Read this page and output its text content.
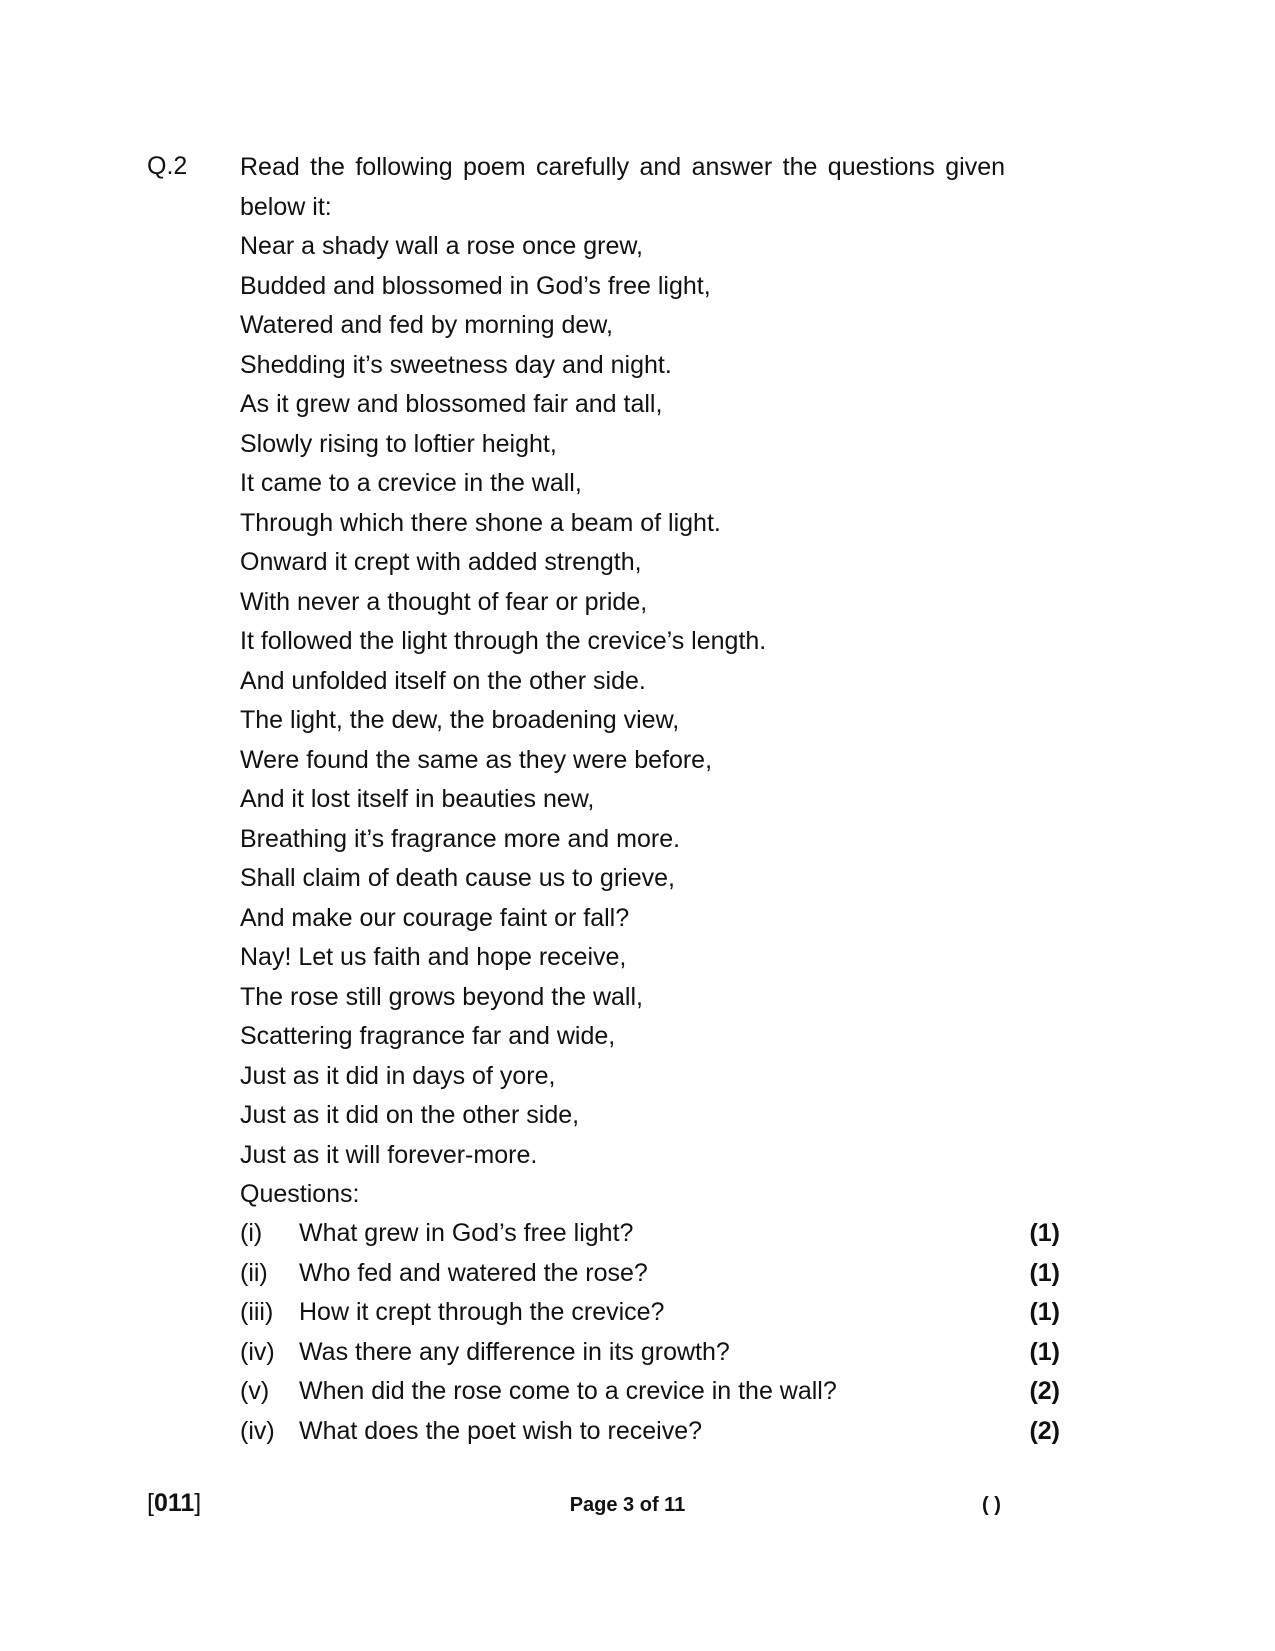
Q.2 Read the following poem carefully and answer the questions given below it:

Near a shady wall a rose once grew,

Budded and blossomed in God’s free light,

Watered and fed by morning dew,

Shedding it’s sweetness day and night.

As it grew and blossomed fair and tall,

Slowly rising to loftier height,

It came to a crevice in the wall,

Through which there shone a beam of light.

Onward it crept with added strength,

With never a thought of fear or pride,

It followed the light through the crevice’s length.

And unfolded itself on the other side.

The light, the dew, the broadening view,

Were found the same as they were before,

And it lost itself in beauties new,

Breathing it’s fragrance more and more.

Shall claim of death cause us to grieve,

And make our courage faint or fall?

Nay! Let us faith and hope receive,

The rose still grows beyond the wall,

Scattering fragrance far and wide,

Just as it did in days of yore,

Just as it did on the other side,

Just as it will forever-more.

Questions:

(i) What grew in God’s free light?	(1)
(ii) Who fed and watered the rose?	(1)
(iii) How it crept through the crevice?	(1)
(iv) Was there any difference in its growth?	(1)
(v) When did the rose come to a crevice in the wall?	(2)
(iv) What does the poet wish to receive?	(2)
[011]	Page 3 of 11	( )
